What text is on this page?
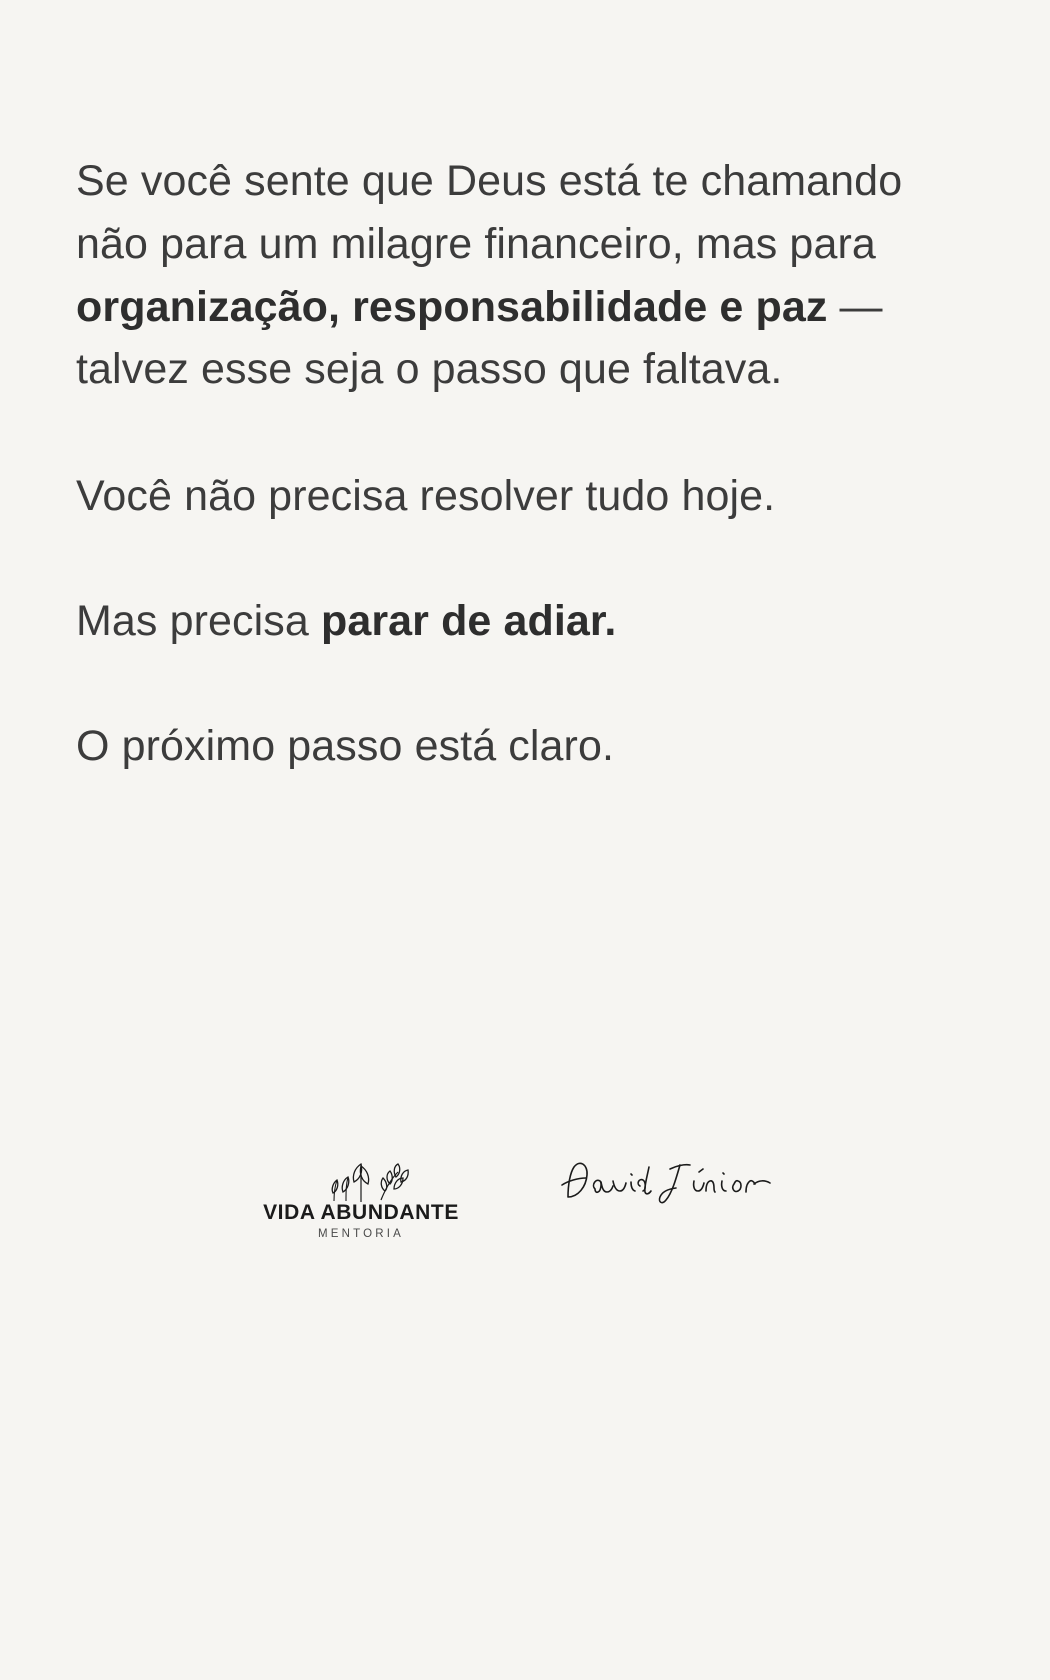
Se você sente que Deus está te chamando não para um milagre financeiro, mas para organização, responsabilidade e paz — talvez esse seja o passo que faltava.

Você não precisa resolver tudo hoje.

Mas precisa parar de adiar.

O próximo passo está claro.

VIDA ABUNDANTE
MENTORIA
